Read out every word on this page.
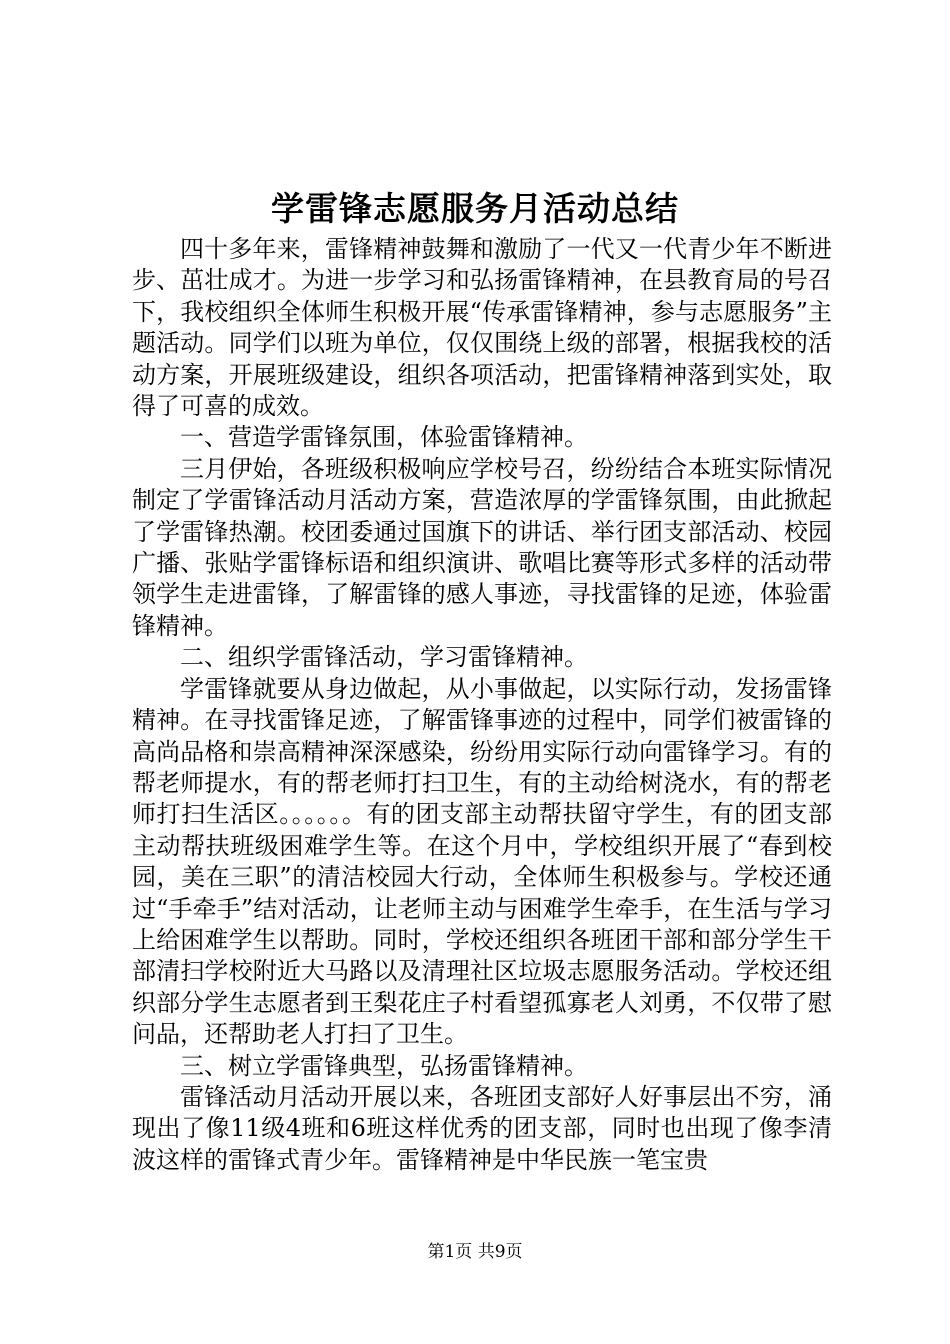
学雷锋志愿服务月活动总结

四十多年来，雷锋精神鼓舞和激励了一代又一代青少年不断进步、茁壮成才。为进一步学习和弘扬雷锋精神，在县教育局的号召下，我校组织全体师生积极开展“传承雷锋精神，参与志愿服务”主题活动。同学们以班为单位，仅仅围绕上级的部署，根据我校的活动方案，开展班级建设，组织各项活动，把雷锋精神落到实处，取得了可喜的成效。

一、营造学雷锋氛围，体验雷锋精神。

三月伊始，各班级积极响应学校号召，纷纷结合本班实际情况制定了学雷锋活动月活动方案，营造浓厚的学雷锋氛围，由此掀起了学雷锋热潮。校团委通过国旗下的讲话、举行团支部活动、校园广播、张贴学雷锋标语和组织演讲、歌唱比赛等形式多样的活动带领学生走进雷锋，了解雷锋的感人事迹，寻找雷锋的足迹，体验雷锋精神。

二、组织学雷锋活动，学习雷锋精神。

学雷锋就要从身边做起，从小事做起，以实际行动，发扬雷锋精神。在寻找雷锋足迹，了解雷锋事迹的过程中，同学们被雷锋的高尚品格和崇高精神深深感染，纷纷用实际行动向雷锋学习。有的帮老师提水，有的帮老师打扫卫生，有的主动给树浇水，有的帮老师打扫生活区。。。。。。有的团支部主动帮扶留守学生，有的团支部主动帮扶班级困难学生等。在这个月中，学校组织开展了“春到校园，美在三职”的清洁校园大行动，全体师生积极参与。学校还通过“手牵手”结对活动，让老师主动与困难学生牵手，在生活与学习上给困难学生以帮助。同时，学校还组织各班团干部和部分学生干部清扫学校附近大马路以及清理社区垃圾志愿服务活动。学校还组织部分学生志愿者到王梨花庄子村看望孤寡老人刘勇，不仅带了慰问品，还帮助老人打扫了卫生。

三、树立学雷锋典型，弘扬雷锋精神。

雷锋活动月活动开展以来，各班团支部好人好事层出不穷，涌现出了像11级4班和6班这样优秀的团支部，同时也出现了像李清波这样的雷锋式青少年。雷锋精神是中华民族一笔宝贵

第1页 共9页
